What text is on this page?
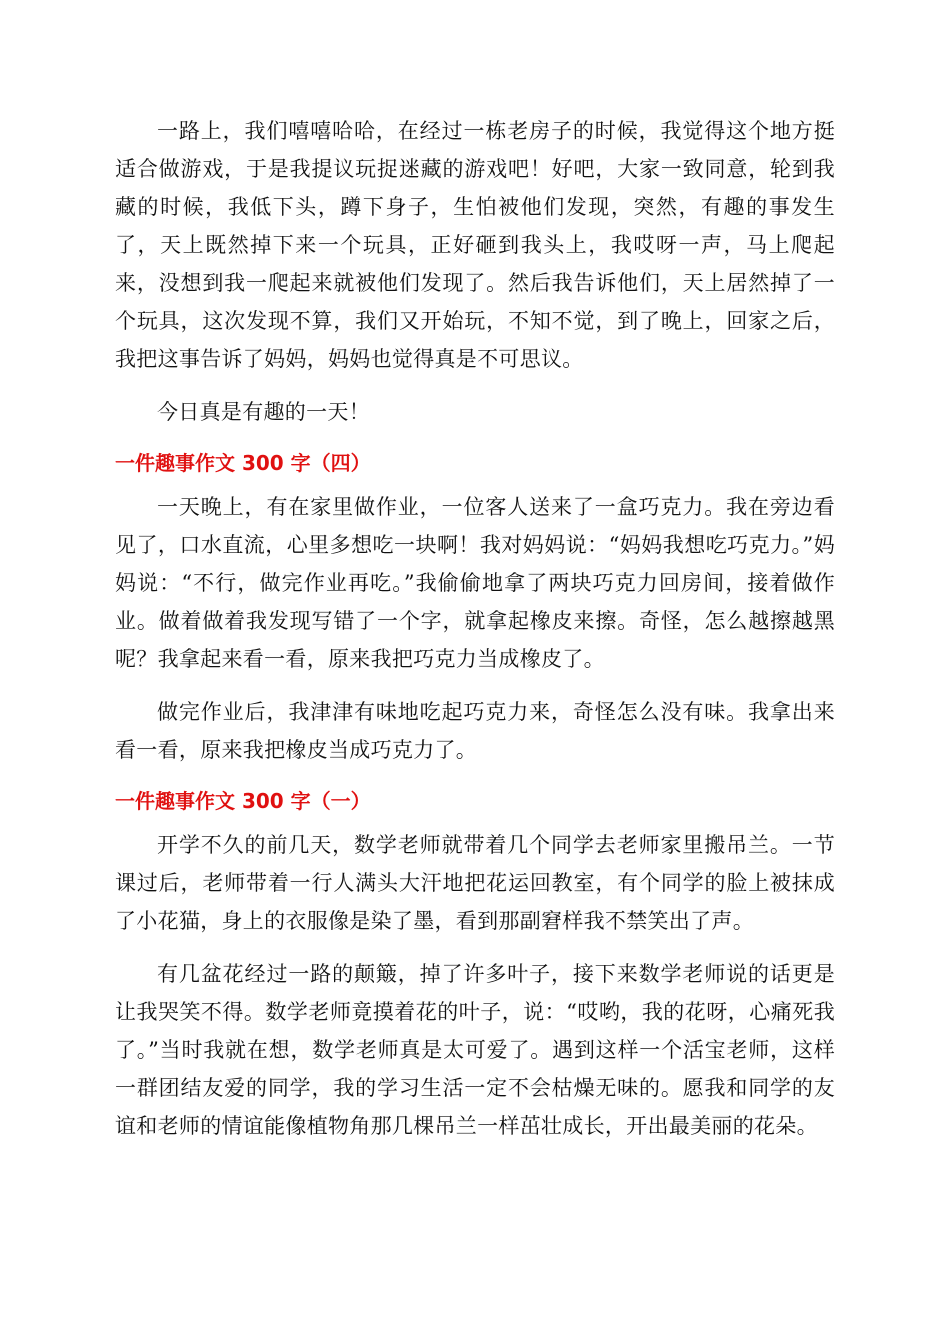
一路上，我们嘻嘻哈哈，在经过一栋老房子的时候，我觉得这个地方挺适合做游戏，于是我提议玩捉迷藏的游戏吧！好吧，大家一致同意，轮到我藏的时候，我低下头，蹲下身子，生怕被他们发现，突然，有趣的事发生了，天上既然掉下来一个玩具，正好砸到我头上，我哎呀一声，马上爬起来，没想到我一爬起来就被他们发现了。然后我告诉他们，天上居然掉了一个玩具，这次发现不算，我们又开始玩，不知不觉，到了晚上，回家之后，我把这事告诉了妈妈，妈妈也觉得真是不可思议。

今日真是有趣的一天！

一件趣事作文 300 字（四）

一天晚上，有在家里做作业，一位客人送来了一盒巧克力。我在旁边看见了，口水直流，心里多想吃一块啊！我对妈妈说：“妈妈我想吃巧克力。”妈妈说：“不行，做完作业再吃。”我偷偷地拿了两块巧克力回房间，接着做作业。做着做着我发现写错了一个字，就拿起橡皮来擦。奇怪，怎么越擦越黑呢？我拿起来看一看，原来我把巧克力当成橡皮了。

做完作业后，我津津有味地吃起巧克力来，奇怪怎么没有味。我拿出来看一看，原来我把橡皮当成巧克力了。

一件趣事作文 300 字（一）

开学不久的前几天，数学老师就带着几个同学去老师家里搬吊兰。一节课过后，老师带着一行人满头大汗地把花运回教室，有个同学的脸上被抹成了小花猫，身上的衣服像是染了墨，看到那副窘样我不禁笑出了声。

有几盆花经过一路的颠簸，掉了许多叶子，接下来数学老师说的话更是让我哭笑不得。数学老师竟摸着花的叶子，说：“哎哟，我的花呀，心痛死我了。”当时我就在想，数学老师真是太可爱了。遇到这样一个活宝老师，这样一群团结友爱的同学，我的学习生活一定不会枯燥无味的。愿我和同学的友谊和老师的情谊能像植物角那几棵吊兰一样茁壮成长，开出最美丽的花朵。
